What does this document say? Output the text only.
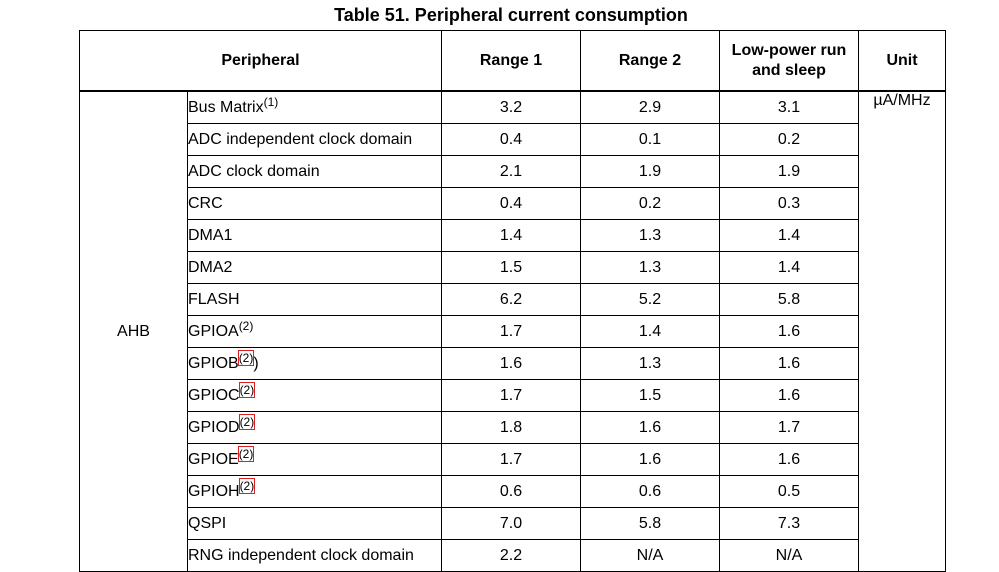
Table 51. Peripheral current consumption
Peripheral		Range 1	Range 2	Low-power run and sleep	Unit
AHB	Bus Matrix$^{(1)}$	3.2	2.9	3.1	µA/MHz
	ADC independent clock domain	0.4	0.1	0.2	
	ADC clock domain	2.1	1.9	1.9	
	CRC	0.4	0.2	0.3	
	DMA1	1.4	1.3	1.4	
	DMA2	1.5	1.3	1.4	
	FLASH	6.2	5.2	5.8	
	GPIOA$^{(2)}$	1.7	1.4	1.6	
	GPIOB$^{(2)}$)	1.6	1.3	1.6	
	GPIOC$^{(2)}$	1.7	1.5	1.6	
	GPIOD$^{(2)}$	1.8	1.6	1.7	
	GPIOE$^{(2)}$	1.7	1.6	1.6	
	GPIOH$^{(2)}$	0.6	0.6	0.5	
	QSPI	7.0	5.8	7.3	
	RNG independent clock domain	2.2	N/A	N/A	
